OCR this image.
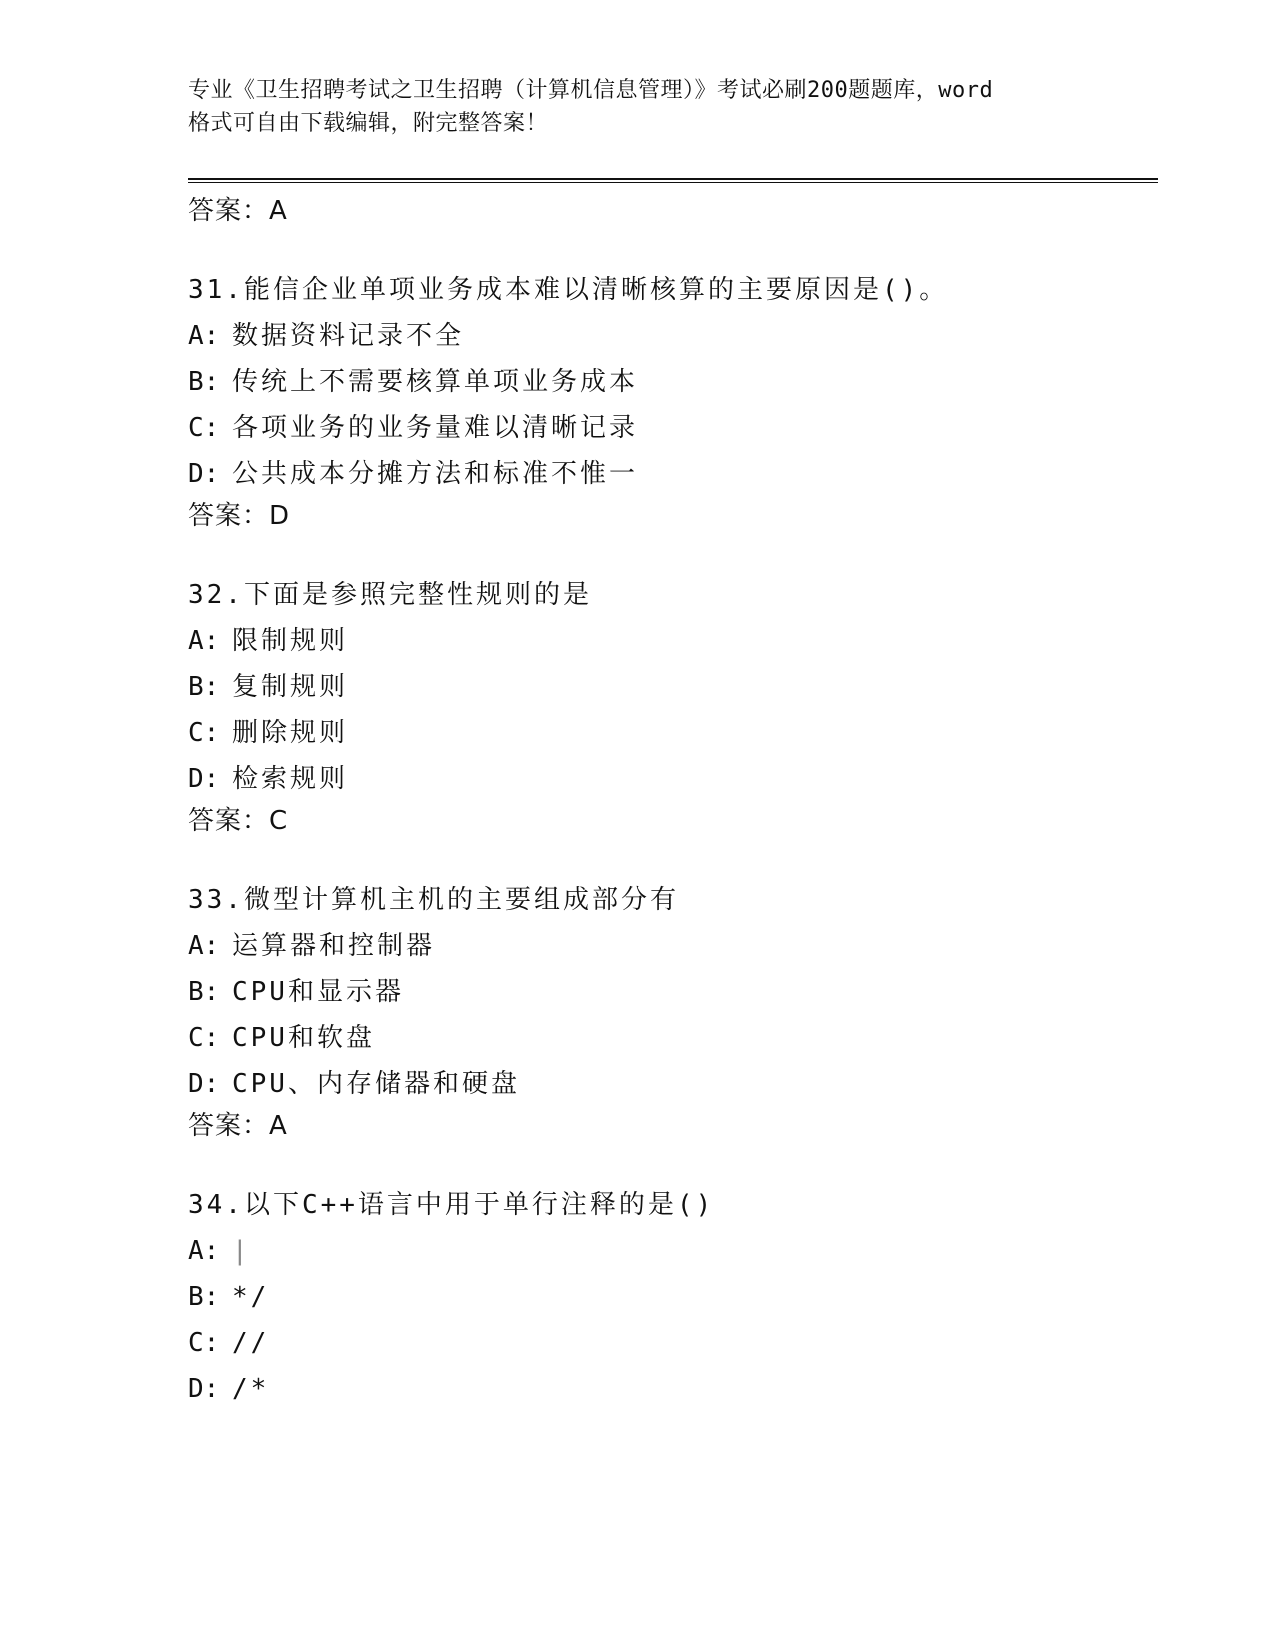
专业《卫生招聘考试之卫生招聘（计算机信息管理）》考试必刷200题题库，word
格式可自由下载编辑，附完整答案！
答案：A
31.能信企业单项业务成本难以清晰核算的主要原因是()。
A: 数据资料记录不全
B: 传统上不需要核算单项业务成本
C: 各项业务的业务量难以清晰记录
D: 公共成本分摊方法和标准不惟一
答案：D
32.下面是参照完整性规则的是
A: 限制规则
B: 复制规则
C: 删除规则
D: 检索规则
答案：C
33.微型计算机主机的主要组成部分有
A: 运算器和控制器
B: CPU和显示器
C: CPU和软盘
D: CPU、内存储器和硬盘
答案：A
34.以下C++语言中用于单行注释的是()
A: |
B: */
C: //
D: /*
